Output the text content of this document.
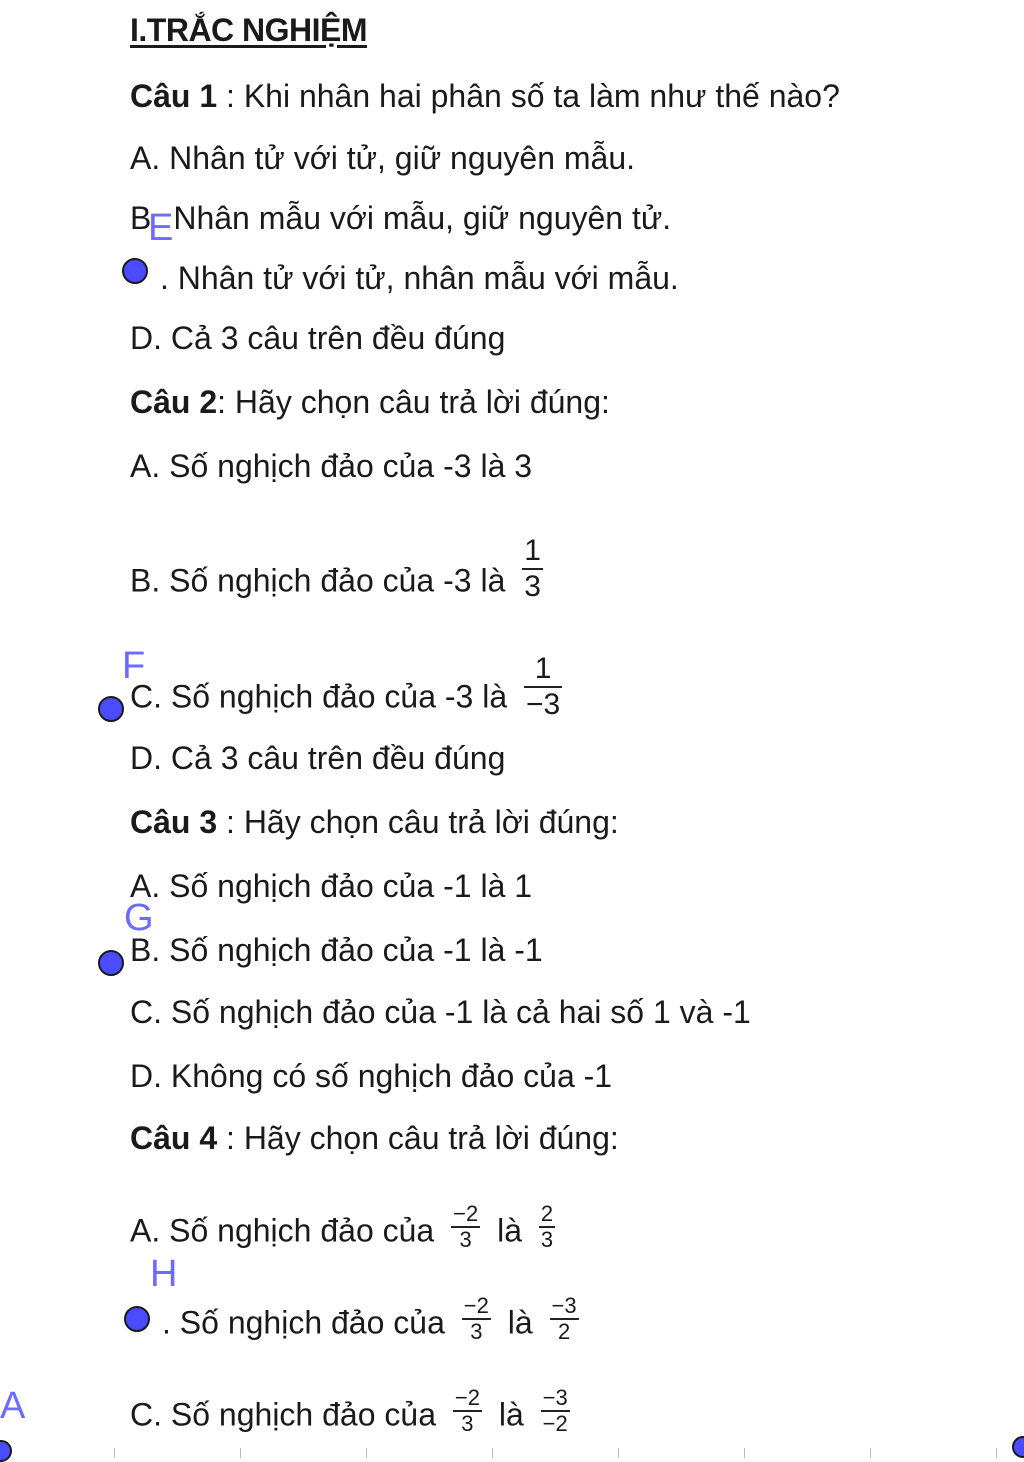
I.TRẮC NGHIỆM
Câu 1 : Khi nhân hai phân số ta làm như thế nào?
A. Nhân tử với tử, giữ nguyên mẫu.
B Nhân mẫu với mẫu, giữ nguyên tử.
. Nhân tử với tử, nhân mẫu với mẫu.
D. Cả 3 câu trên đều đúng
Câu 2: Hãy chọn câu trả lời đúng:
A. Số nghịch đảo của -3 là 3
B. Số nghịch đảo của -3 là $\frac{1}{3}$
C. Số nghịch đảo của -3 là $\frac{1}{-3}$
D. Cả 3 câu trên đều đúng
Câu 3 : Hãy chọn câu trả lời đúng:
A. Số nghịch đảo của -1 là 1
B. Số nghịch đảo của -1 là -1
C. Số nghịch đảo của -1 là cả hai số 1 và -1
D. Không có số nghịch đảo của -1
Câu 4 : Hãy chọn câu trả lời đúng:
A. Số nghịch đảo của $\frac{-2}{3}$ là $\frac{2}{3}$
. Số nghịch đảo của $\frac{-2}{3}$ là $\frac{-3}{2}$
C. Số nghịch đảo của $\frac{-2}{3}$ là $\frac{-3}{-2}$
E
F
G
H
A
